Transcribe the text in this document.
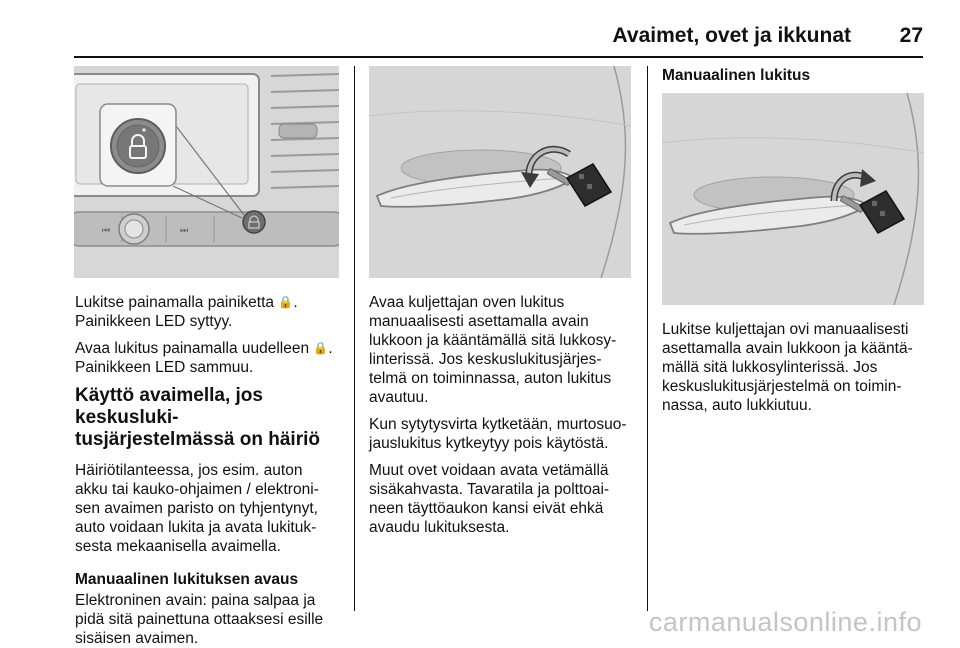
Avaimet, ovet ja ikkunat 27
⏮	⏭

Lukitse painamalla painiketta 🔒.
Painikkeen LED syttyy.

Avaa lukitus painamalla uudelleen 🔒.
Painikkeen LED sammuu.

Käyttö avaimella, jos keskusluki-
tusjärjestelmässä on häiriö

Häiriötilanteessa, jos esim. auton
akku tai kauko-ohjaimen / elektroni-
sen avaimen paristo on tyhjentynyt,
auto voidaan lukita ja avata lukituk-
sesta mekaanisella avaimella.

Manuaalinen lukituksen avaus

Elektroninen avain: paina salpaa ja
pidä sitä painettuna ottaaksesi esille
sisäisen avaimen.

Avaa kuljettajan oven lukitus
manuaalisesti asettamalla avain
lukkoon ja kääntämällä sitä lukkosy-
linterissä. Jos keskuslukitusjärjes-
telmä on toiminnassa, auton lukitus
avautuu.

Kun sytytysvirta kytketään, murtosuo-
jauslukitus kytkeytyy pois käytöstä.

Muut ovet voidaan avata vetämällä
sisäkahvasta. Tavaratila ja polttoai-
neen täyttöaukon kansi eivät ehkä
avaudu lukituksesta.

Manuaalinen lukitus

Lukitse kuljettajan ovi manuaalisesti
asettamalla avain lukkoon ja kääntä-
mällä sitä lukkosylinterissä. Jos
keskuslukitusjärjestelmä on toimin-
nassa, auto lukkiutuu.

carmanualsonline.info
